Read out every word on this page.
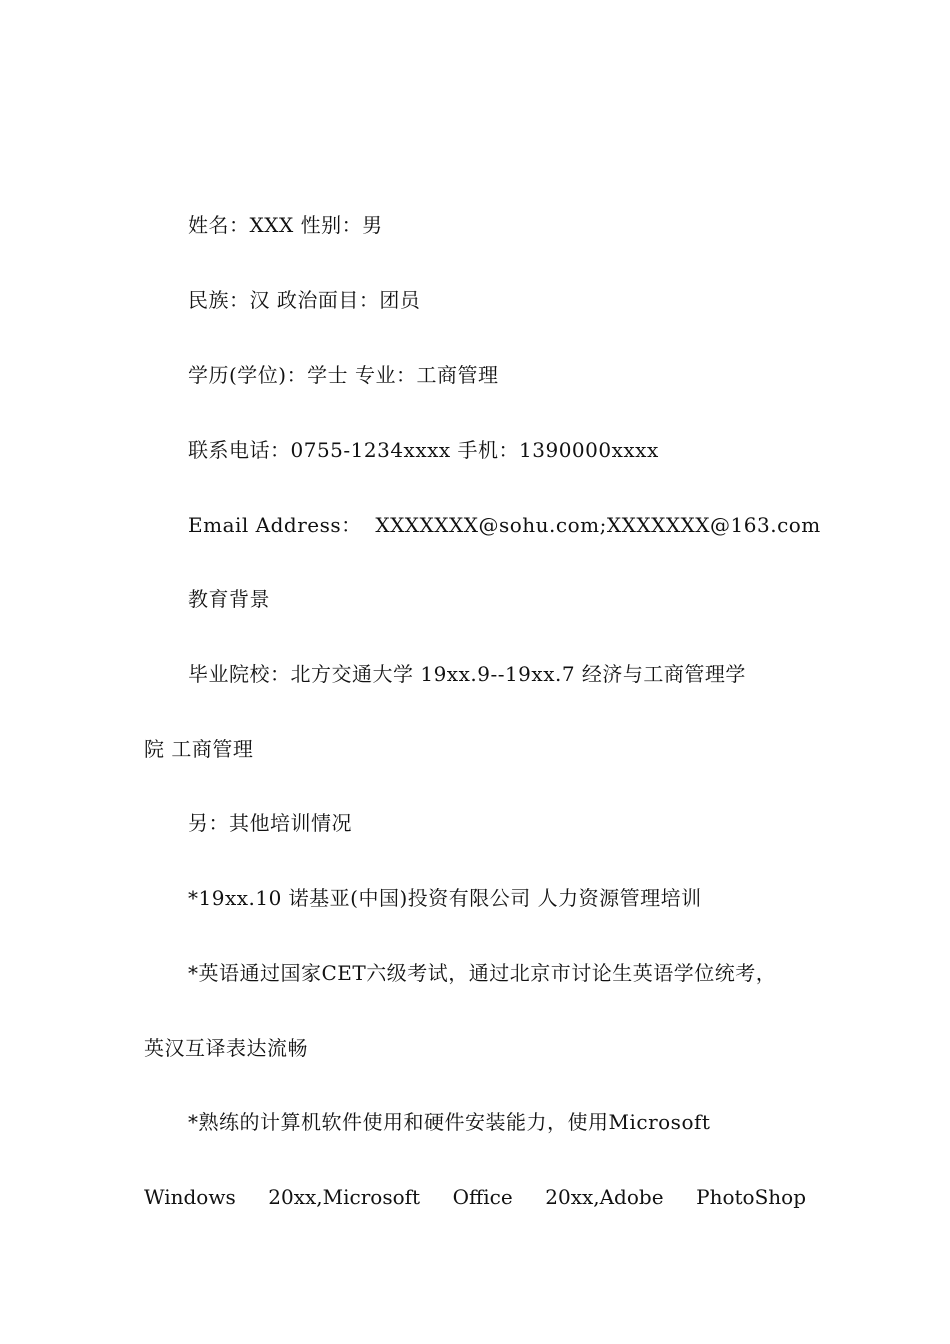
姓名：XXX 性别：男
民族：汉 政治面目：团员
学历(学位)：学士 专业：工商管理
联系电话：0755-1234xxxx 手机：1390000xxxx
Email Address：  XXXXXXX@sohu.com;XXXXXXX@163.com
教育背景
毕业院校：北方交通大学 19xx.9--19xx.7 经济与工商管理学
院 工商管理
另：其他培训情况
*19xx.10 诺基亚(中国)投资有限公司 人力资源管理培训
*英语通过国家CET六级考试，通过北京市讨论生英语学位统考，
英汉互译表达流畅
*熟练的计算机软件使用和硬件安装能力，使用Microsoft
Windows 20xx,Microsoft Office 20xx,Adobe PhotoShop
